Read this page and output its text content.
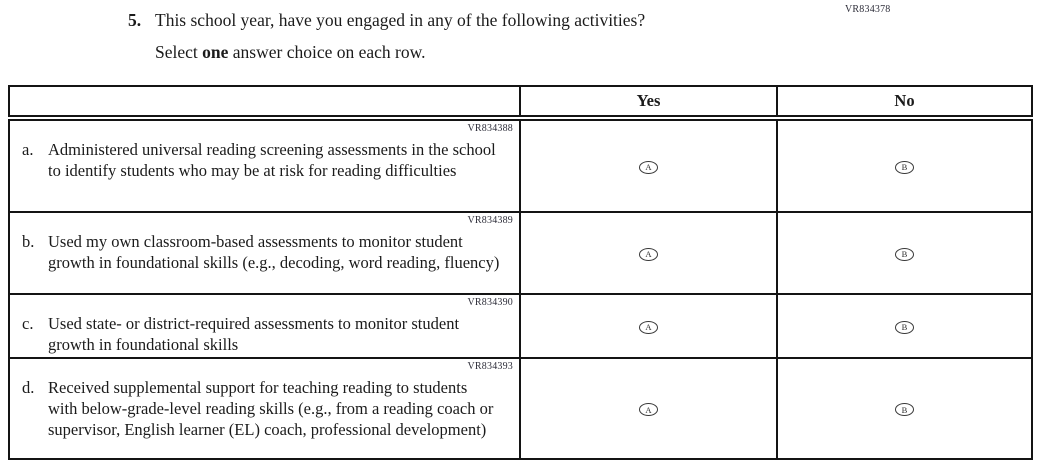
VR834378
5. This school year, have you engaged in any of the following activities?
Select one answer choice on each row.
	Yes	No

VR834388
a. Administered universal reading screening assessments in the school to identify students who may be at risk for reading difficulties	A	B

VR834389
b. Used my own classroom-based assessments to monitor student growth in foundational skills (e.g., decoding, word reading, fluency)	A	B

VR834390
c. Used state- or district-required assessments to monitor student growth in foundational skills	A	B

VR834393
d. Received supplemental support for teaching reading to students with below-grade-level reading skills (e.g., from a reading coach or supervisor, English learner (EL) coach, professional development)	A	B
